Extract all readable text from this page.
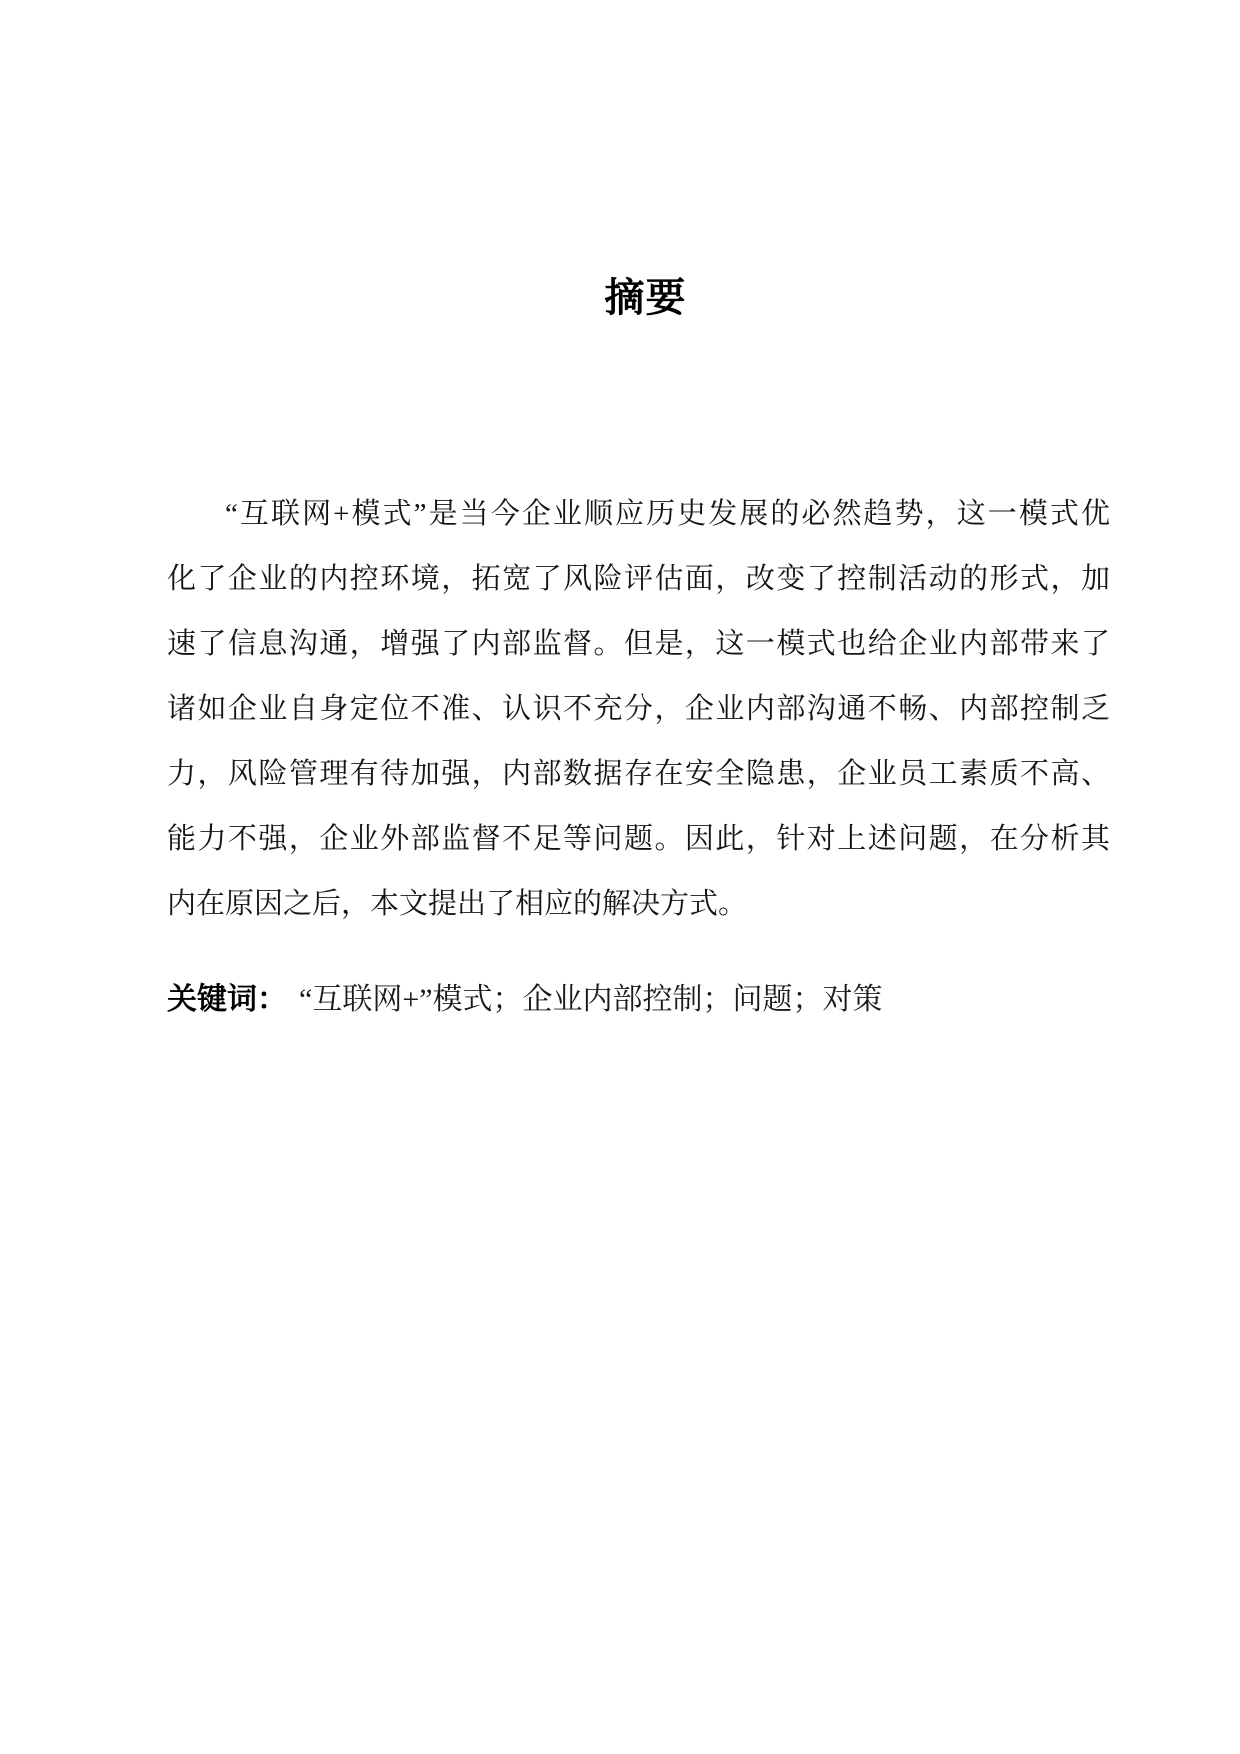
摘要
“互联网+模式”是当今企业顺应历史发展的必然趋势，这一模式优
化了企业的内控环境，拓宽了风险评估面，改变了控制活动的形式，加
速了信息沟通，增强了内部监督。但是，这一模式也给企业内部带来了
诸如企业自身定位不准、认识不充分，企业内部沟通不畅、内部控制乏
力，风险管理有待加强，内部数据存在安全隐患，企业员工素质不高、
能力不强，企业外部监督不足等问题。因此，针对上述问题，在分析其
内在原因之后，本文提出了相应的解决方式。
关键词： “互联网+”模式；企业内部控制；问题；对策
